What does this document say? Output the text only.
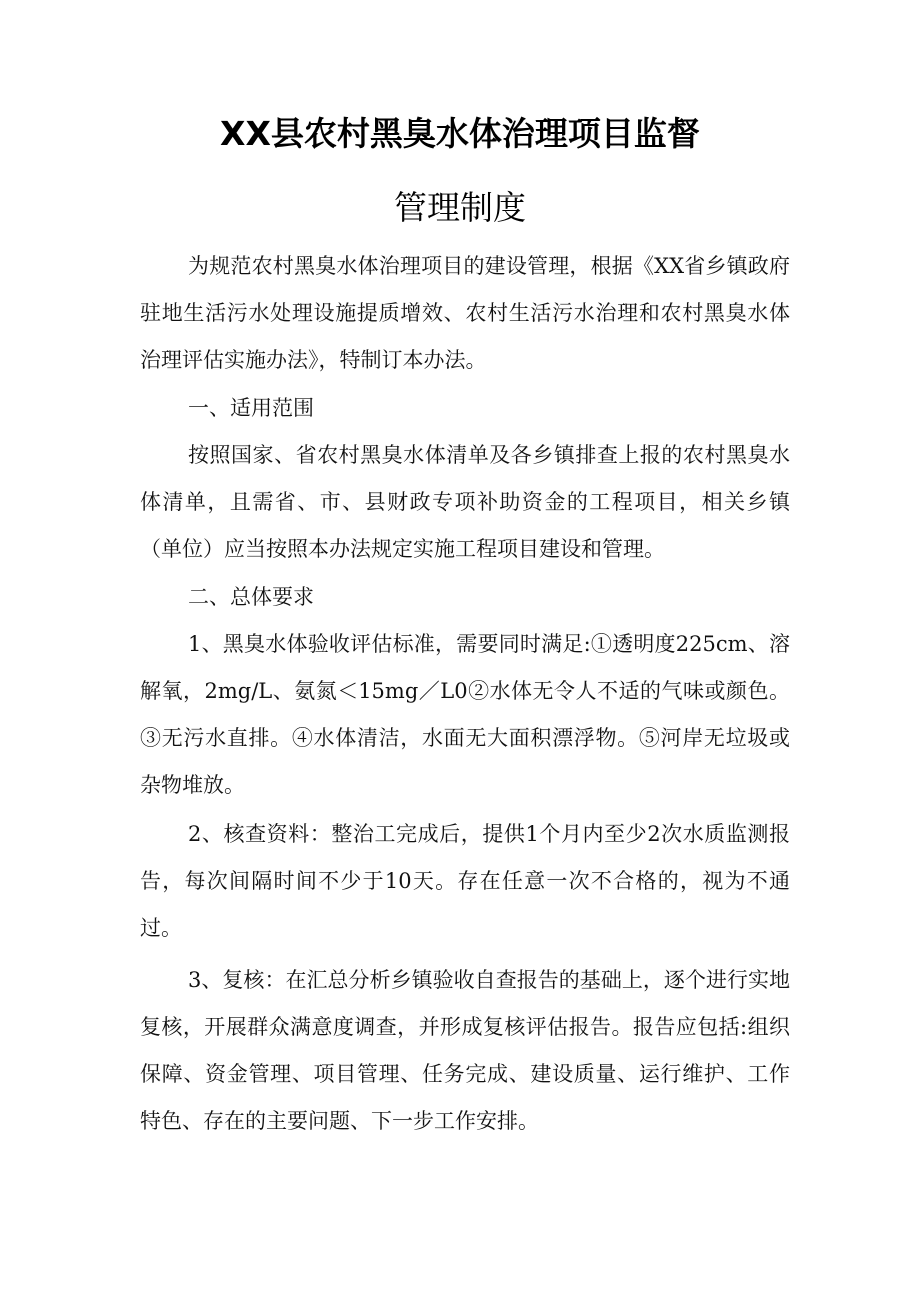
XX县农村黑臭水体治理项目监督
管理制度

为规范农村黑臭水体治理项目的建设管理，根据《XX省乡镇政府驻地生活污水处理设施提质增效、农村生活污水治理和农村黑臭水体治理评估实施办法》，特制订本办法。

一、适用范围

按照国家、省农村黑臭水体清单及各乡镇排查上报的农村黑臭水体清单，且需省、市、县财政专项补助资金的工程项目，相关乡镇（单位）应当按照本办法规定实施工程项目建设和管理。

二、总体要求

1、黑臭水体验收评估标准，需要同时满足:①透明度225cm、溶解氧，2mg/L、氨氮＜15mg／L0②水体无令人不适的气味或颜色。③无污水直排。④水体清洁，水面无大面积漂浮物。⑤河岸无垃圾或杂物堆放。

2、核查资料：整治工完成后，提供1个月内至少2次水质监测报告，每次间隔时间不少于10天。存在任意一次不合格的，视为不通过。

3、复核：在汇总分析乡镇验收自查报告的基础上，逐个进行实地复核，开展群众满意度调查，并形成复核评估报告。报告应包括:组织保障、资金管理、项目管理、任务完成、建设质量、运行维护、工作特色、存在的主要问题、下一步工作安排。
